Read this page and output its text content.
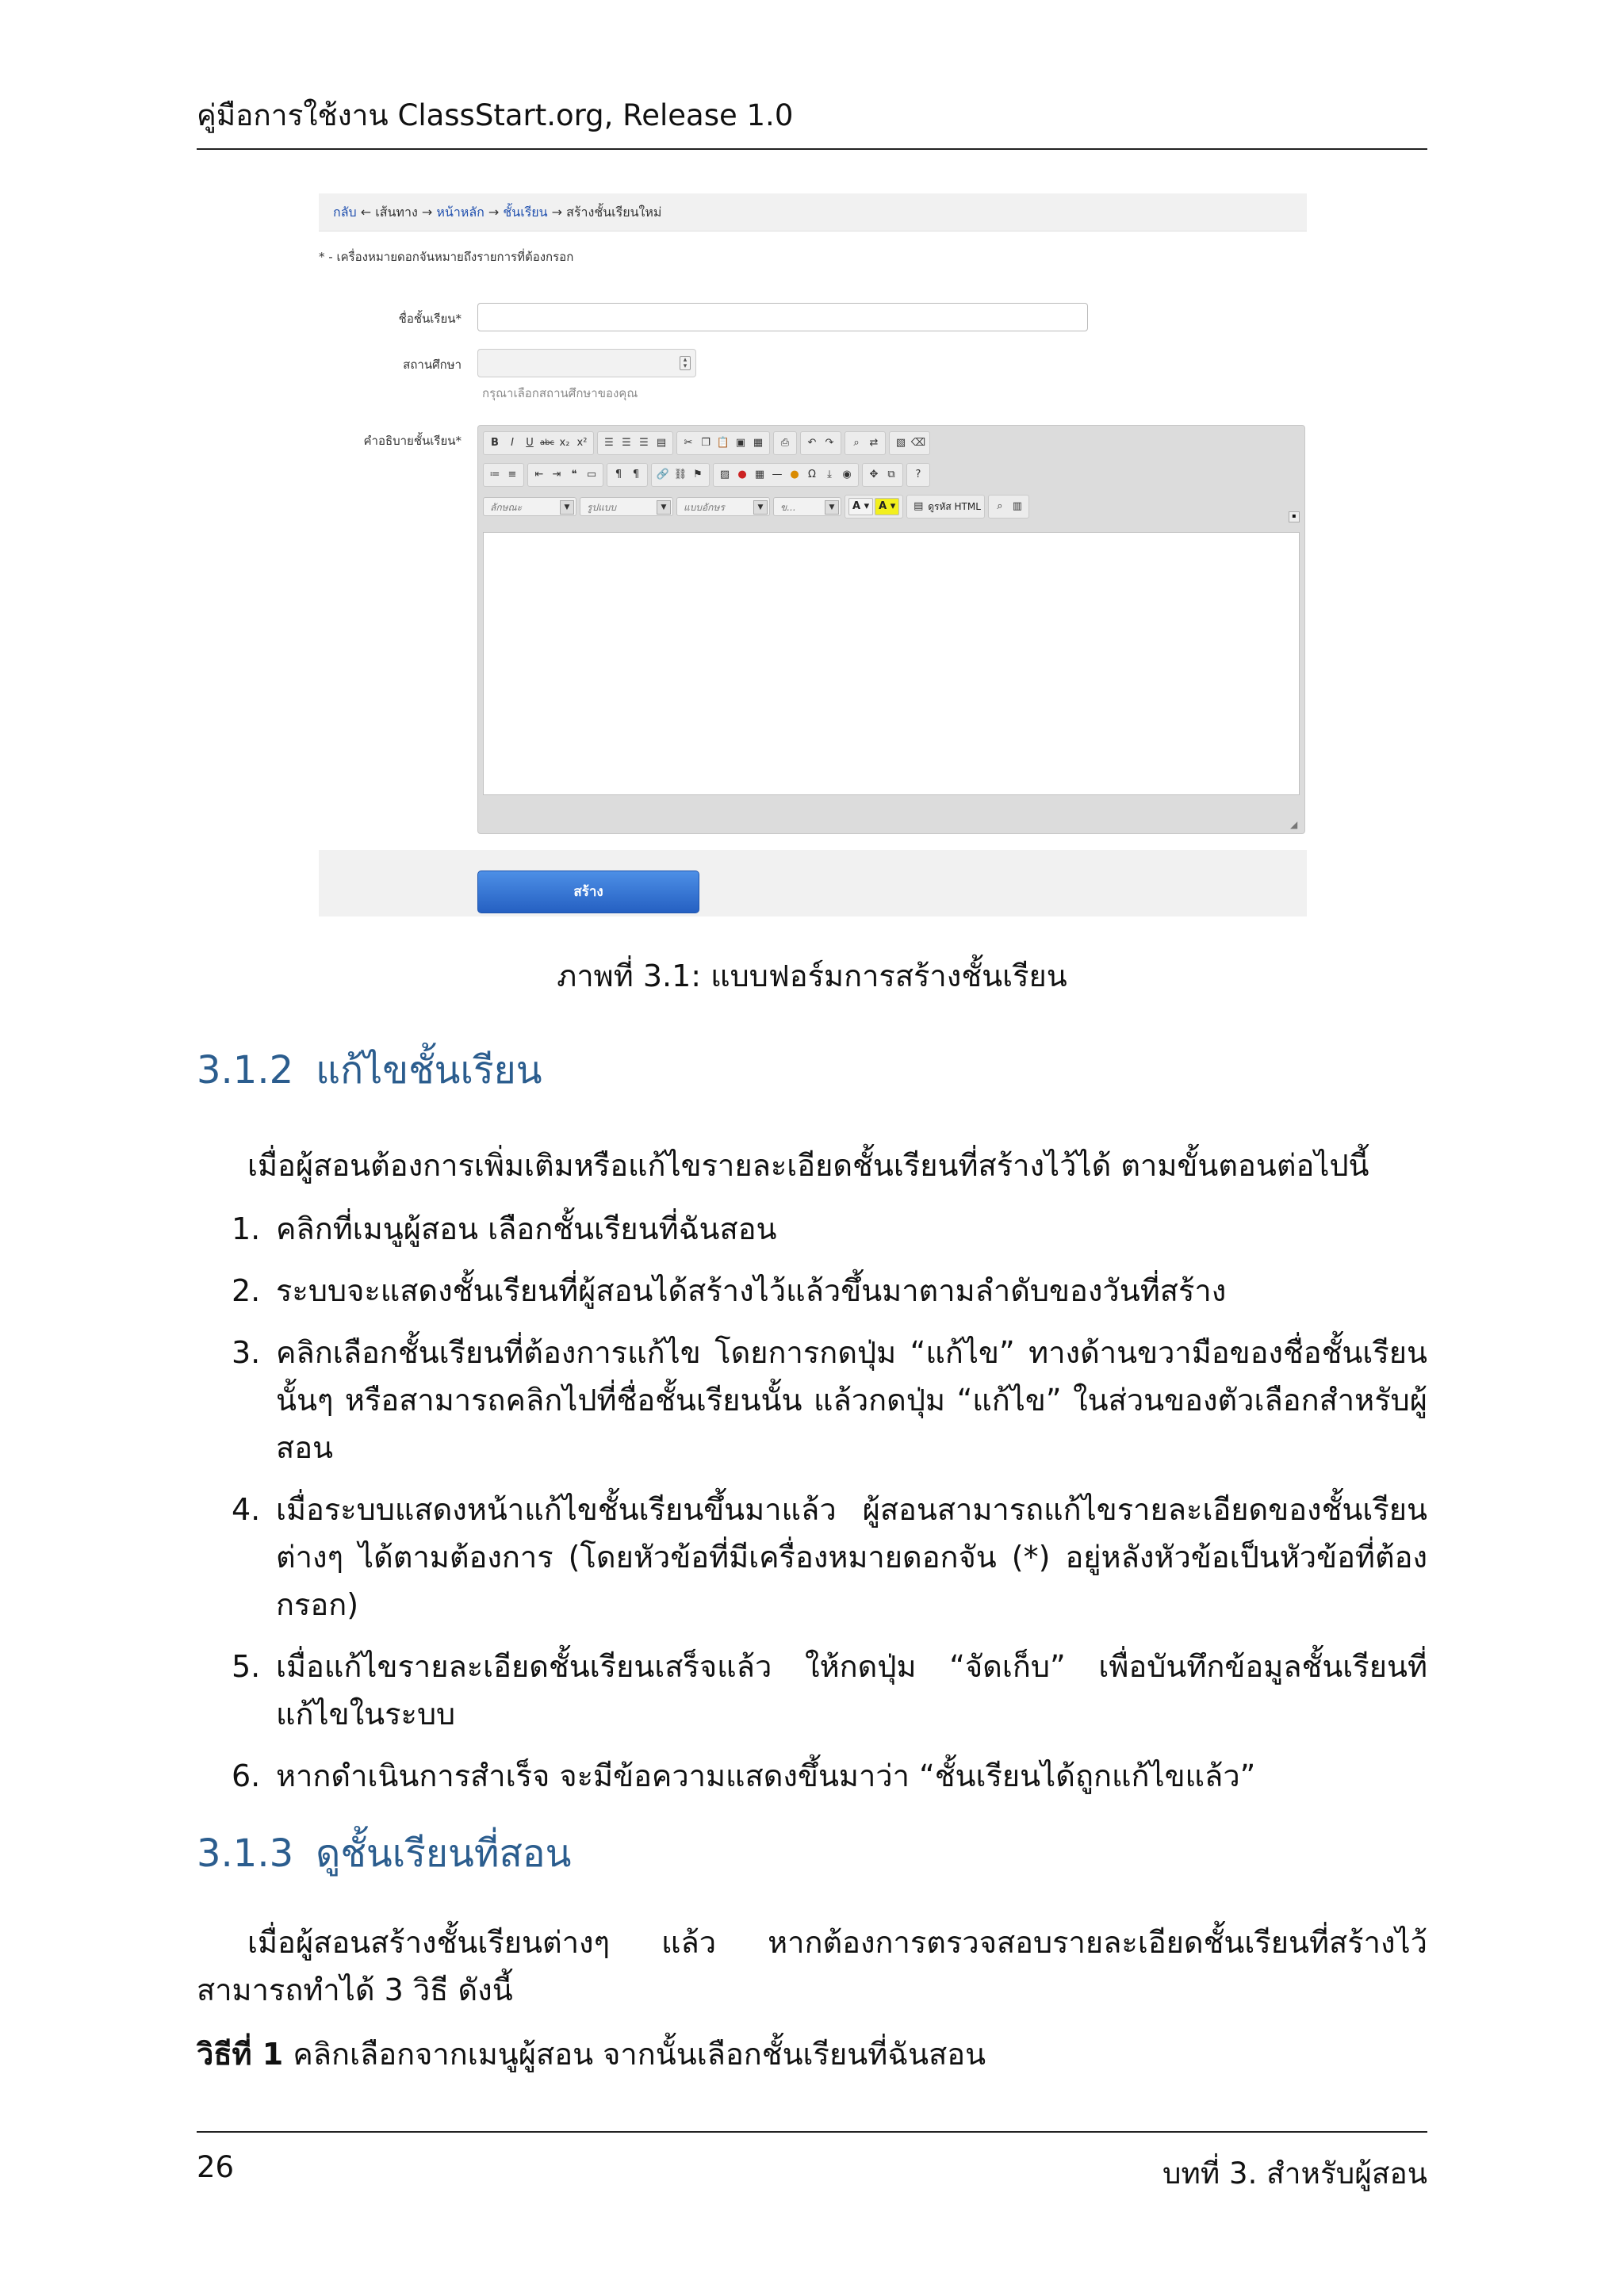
คู่มือการใช้งาน ClassStart.org, Release 1.0
กลับ ← เส้นทาง → หน้าหลัก → ชั้นเรียน → สร้างชั้นเรียนใหม่
* - เครื่องหมายดอกจันหมายถึงรายการที่ต้องกรอก
ชื่อชั้นเรียน*
สถานศึกษา	▴
▾
กรุณาเลือกสถานศึกษาของคุณ
คำอธิบายชั้นเรียน*	B	I	U abc x₂ x²	☰ ☰ ☰ ▤	✂ ❐ 📋 ▣ ▦	⎙	↶ ↷	⌕ ⇄	▧ ⌫
≔ ≡	⇤ ⇥	❝ ▭	¶	¶	🔗 ⛓ ⚑	▨ ● ▦ — ● Ω	⤓	◉	✥ ⧉	?
ลักษณะ	▼	รูปแบบ	▼	แบบอักษร	▼	ข...	▼	A ▾ A ▾	▤ ดูรหัส HTML	⌕ ▥
▪
◢
สร้าง
ภาพที่ 3.1: แบบฟอร์มการสร้างชั้นเรียน
3.1.2 แก้ไขชั้นเรียน
เมื่อผู้สอนต้องการเพิ่มเติมหรือแก้ไขรายละเอียดชั้นเรียนที่สร้างไว้ได้ ตามขั้นตอนต่อไปนี้
1. คลิกที่เมนูผู้สอน เลือกชั้นเรียนที่ฉันสอน
2. ระบบจะแสดงชั้นเรียนที่ผู้สอนได้สร้างไว้แล้วขึ้นมาตามลำดับของวันที่สร้าง
3. คลิกเลือกชั้นเรียนที่ต้องการแก้ไข โดยการกดปุ่ม “แก้ไข” ทางด้านขวามือของชื่อชั้นเรียนนั้นๆ หรือสามารถคลิกไปที่ชื่อชั้นเรียนนั้น แล้วกดปุ่ม “แก้ไข” ในส่วนของตัวเลือกสำหรับผู้สอน
4. เมื่อระบบแสดงหน้าแก้ไขชั้นเรียนขึ้นมาแล้ว ผู้สอนสามารถแก้ไขรายละเอียดของชั้นเรียนต่างๆ ได้ตามต้องการ (โดยหัวข้อที่มีเครื่องหมายดอกจัน (*) อยู่หลังหัวข้อเป็นหัวข้อที่ต้องกรอก)
5. เมื่อแก้ไขรายละเอียดชั้นเรียนเสร็จแล้ว ให้กดปุ่ม “จัดเก็บ” เพื่อบันทึกข้อมูลชั้นเรียนที่แก้ไขในระบบ
6. หากดำเนินการสำเร็จ จะมีข้อความแสดงขึ้นมาว่า “ชั้นเรียนได้ถูกแก้ไขแล้ว”
3.1.3 ดูชั้นเรียนที่สอน
เมื่อผู้สอนสร้างชั้นเรียนต่างๆ แล้ว หากต้องการตรวจสอบรายละเอียดชั้นเรียนที่สร้างไว้ สามารถทำได้ 3 วิธี ดังนี้
วิธีที่ 1 คลิกเลือกจากเมนูผู้สอน จากนั้นเลือกชั้นเรียนที่ฉันสอน
26	บทที่ 3. สำหรับผู้สอน
